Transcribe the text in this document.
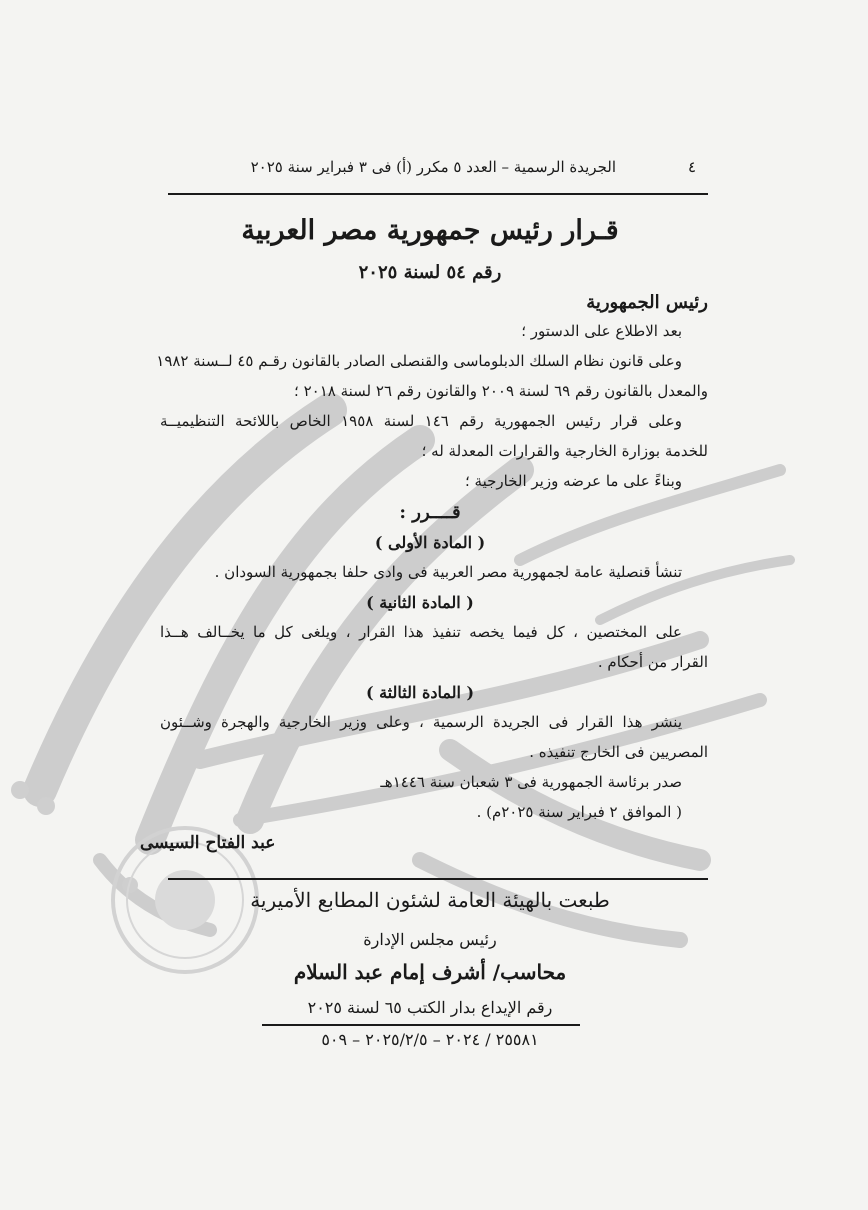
٤
الجريدة الرسمية – العدد ٥ مكرر (أ) فى ٣ فبراير سنة ٢٠٢٥
قـرار رئيس جمهورية مصر العربية
رقم ٥٤ لسنة ٢٠٢٥
رئيس الجمهورية
بعد الاطلاع على الدستور ؛
وعلى قانون نظام السلك الدبلوماسى والقنصلى الصادر بالقانون رقـم ٤٥ لــسنة ١٩٨٢
والمعدل بالقانون رقم ٦٩ لسنة ٢٠٠٩ والقانون رقم ٢٦ لسنة ٢٠١٨ ؛
وعلى قرار رئيس الجمهورية رقم ١٤٦ لسنة ١٩٥٨ الخاص باللائحة التنظيميــة
للخدمة بوزارة الخارجية والقرارات المعدلة له ؛
وبناءً على ما عرضه وزير الخارجية ؛
قــــرر :
( المادة الأولى )
تنشأ قنصلية عامة لجمهورية مصر العربية فى وادى حلفا بجمهورية السودان .
( المادة الثانية )
على المختصين ، كل فيما يخصه تنفيذ هذا القرار ، ويلغى كل ما يخــالف هــذا
القرار من أحكام .
( المادة الثالثة )
ينشر هذا القرار فى الجريدة الرسمية ، وعلى وزير الخارجية والهجرة وشــئون
المصريين فى الخارج تنفيذه .
صدر برئاسة الجمهورية فى ٣ شعبان سنة ١٤٤٦هـ
( الموافق ٢ فبراير سنة ٢٠٢٥م) .
عبد الفتاح السيسى
طبعت بالهيئة العامة لشئون المطابع الأميرية
رئيس مجلس الإدارة
محاسب/ أشرف إمام عبد السلام
رقم الإيداع بدار الكتب ٦٥ لسنة ٢٠٢٥
٢٥٥٨١ / ٢٠٢٤ – ٢٠٢٥/٢/٥ – ٥٠٩
